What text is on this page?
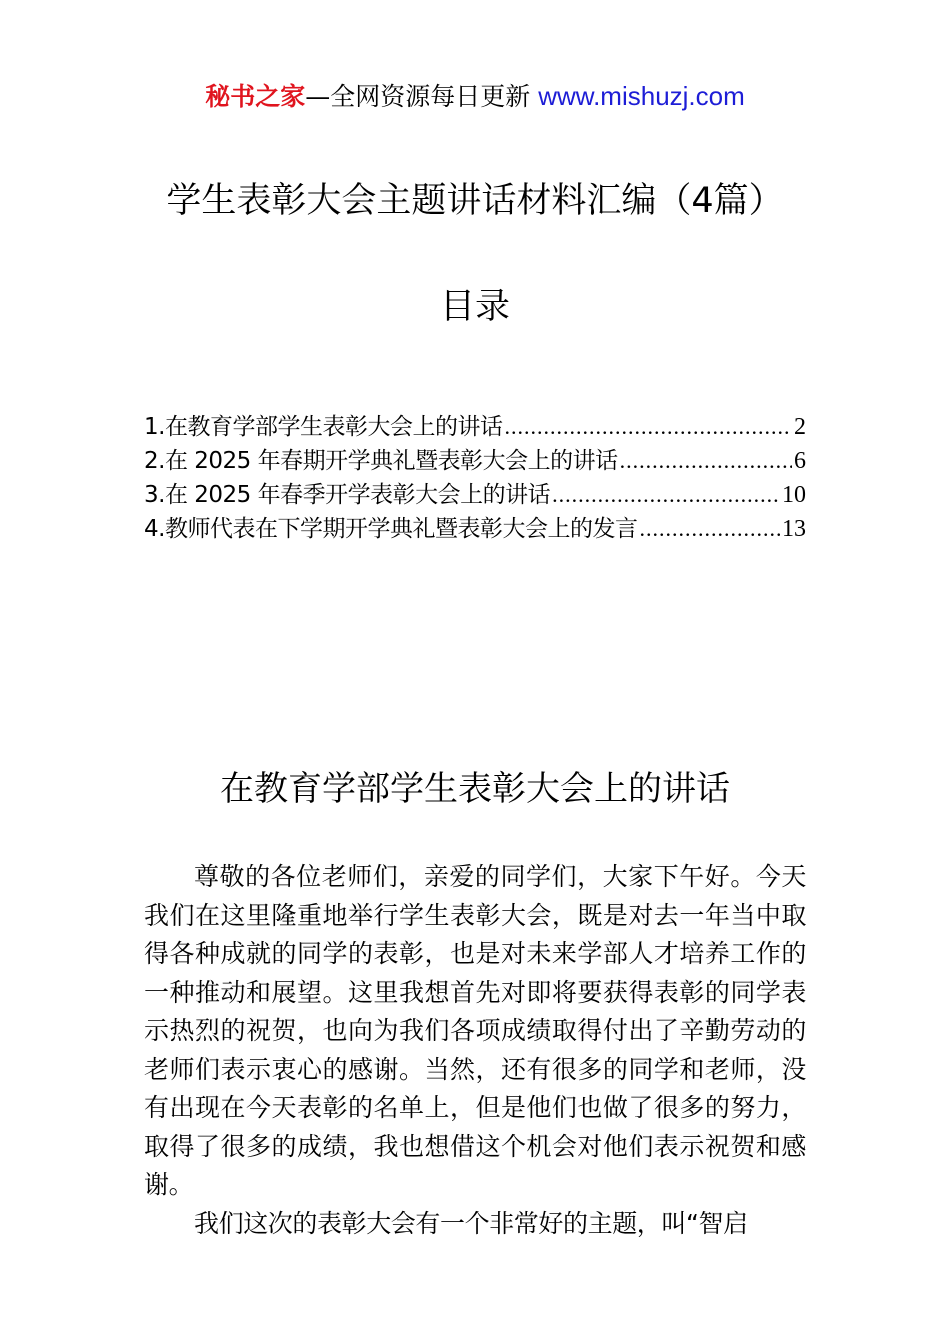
秘书之家—全网资源每日更新 www.mishuzj.com
学生表彰大会主题讲话材料汇编（4篇）
目录
1.在教育学部学生表彰大会上的讲话 .....	2
2.在 2025 年春期开学典礼暨表彰大会上的讲话 .....	6
3.在 2025 年春季开学表彰大会上的讲话 .....	10
4.教师代表在下学期开学典礼暨表彰大会上的发言 .....	13
在教育学部学生表彰大会上的讲话

尊敬的各位老师们，亲爱的同学们，大家下午好。今天我们在这里隆重地举行学生表彰大会，既是对去一年当中取得各种成就的同学的表彰，也是对未来学部人才培养工作的一种推动和展望。这里我想首先对即将要获得表彰的同学表示热烈的祝贺，也向为我们各项成绩取得付出了辛勤劳动的老师们表示衷心的感谢。当然，还有很多的同学和老师，没有出现在今天表彰的名单上，但是他们也做了很多的努力，取得了很多的成绩，我也想借这个机会对他们表示祝贺和感谢。

我们这次的表彰大会有一个非常好的主题，叫“智启
